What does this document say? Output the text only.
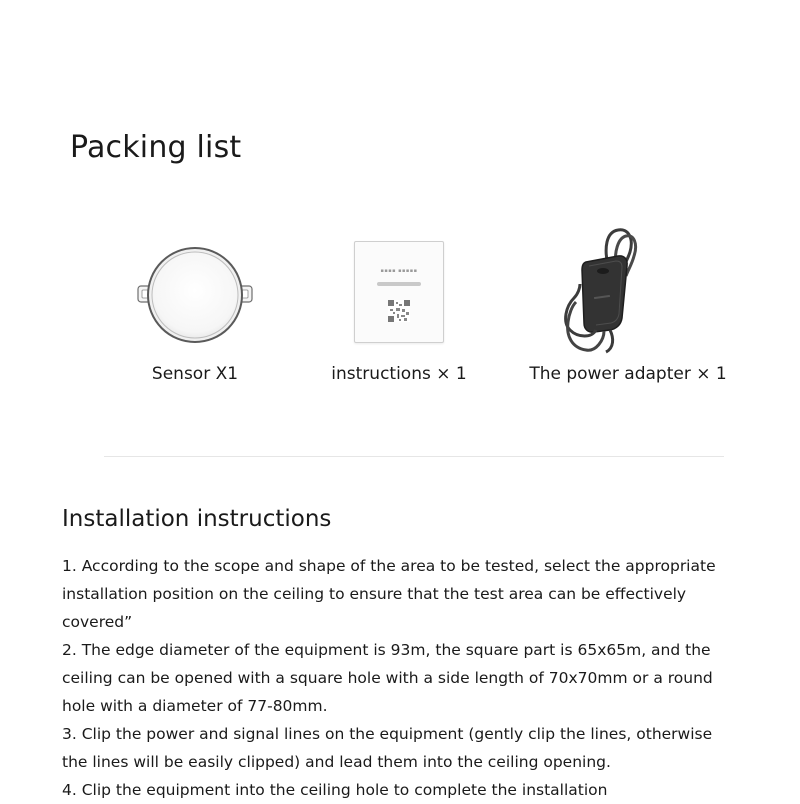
Packing list
Sensor X1
▪▪▪▪ ▪▪▪▪▪
instructions × 1	The power adapter × 1
Installation instructions

1. According to the scope and shape of the area to be tested, select the appropriate installation position on the ceiling to ensure that the test area can be effectively covered”

2. The edge diameter of the equipment is 93m, the square part is 65x65m, and the ceiling can be opened with a square hole with a side length of 70x70mm or a round hole with a diameter of 77-80mm.

3. Clip the power and signal lines on the equipment (gently clip the lines, otherwise the lines will be easily clipped) and lead them into the ceiling opening.

4. Clip the equipment into the ceiling hole to complete the installation
